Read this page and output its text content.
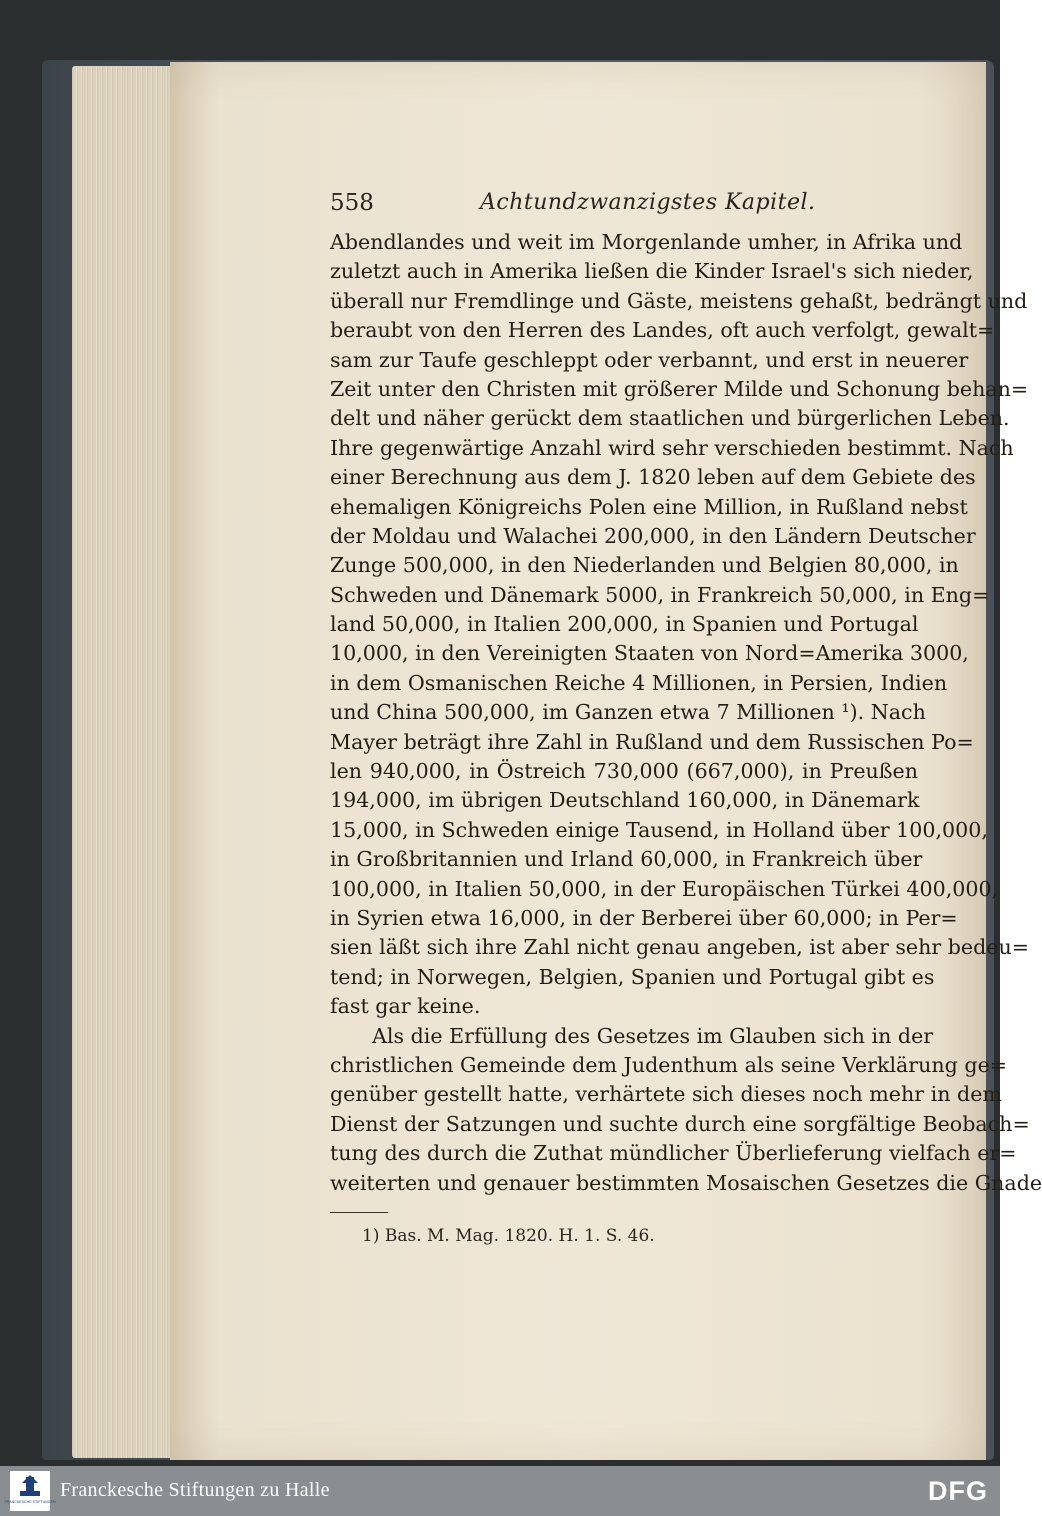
558	Achtundzwanzigstes Kapitel.
Abendlandes und weit im Morgenlande umher, in Afrika und
zuletzt auch in Amerika ließen die Kinder Israel's sich nieder,
überall nur Fremdlinge und Gäste, meistens gehaßt, bedrängt und
beraubt von den Herren des Landes, oft auch verfolgt, gewalt=
sam zur Taufe geschleppt oder verbannt, und erst in neuerer
Zeit unter den Christen mit größerer Milde und Schonung behan=
delt und näher gerückt dem staatlichen und bürgerlichen Leben.
Ihre gegenwärtige Anzahl wird sehr verschieden bestimmt. Nach
einer Berechnung aus dem J. 1820 leben auf dem Gebiete des
ehemaligen Königreichs Polen eine Million, in Rußland nebst
der Moldau und Walachei 200,000, in den Ländern Deutscher
Zunge 500,000, in den Niederlanden und Belgien 80,000, in
Schweden und Dänemark 5000, in Frankreich 50,000, in Eng=
land 50,000, in Italien 200,000, in Spanien und Portugal
10,000, in den Vereinigten Staaten von Nord=Amerika 3000,
in dem Osmanischen Reiche 4 Millionen, in Persien, Indien
und China 500,000, im Ganzen etwa 7 Millionen ¹). Nach
Mayer beträgt ihre Zahl in Rußland und dem Russischen Po=
len 940,000, in Östreich 730,000 (667,000), in Preußen
194,000, im übrigen Deutschland 160,000, in Dänemark
15,000, in Schweden einige Tausend, in Holland über 100,000,
in Großbritannien und Irland 60,000, in Frankreich über
100,000, in Italien 50,000, in der Europäischen Türkei 400,000,
in Syrien etwa 16,000, in der Berberei über 60,000; in Per=
sien läßt sich ihre Zahl nicht genau angeben, ist aber sehr bedeu=
tend; in Norwegen, Belgien, Spanien und Portugal gibt es
fast gar keine.
Als die Erfüllung des Gesetzes im Glauben sich in der
christlichen Gemeinde dem Judenthum als seine Verklärung ge=
genüber gestellt hatte, verhärtete sich dieses noch mehr in dem
Dienst der Satzungen und suchte durch eine sorgfältige Beobach=
tung des durch die Zuthat mündlicher Überlieferung vielfach er=
weiterten und genauer bestimmten Mosaischen Gesetzes die Gnade
1) Bas. M. Mag. 1820. H. 1. S. 46.
FRANCKESCHE STIFTUNGEN
Franckesche Stiftungen zu Halle	DFG
